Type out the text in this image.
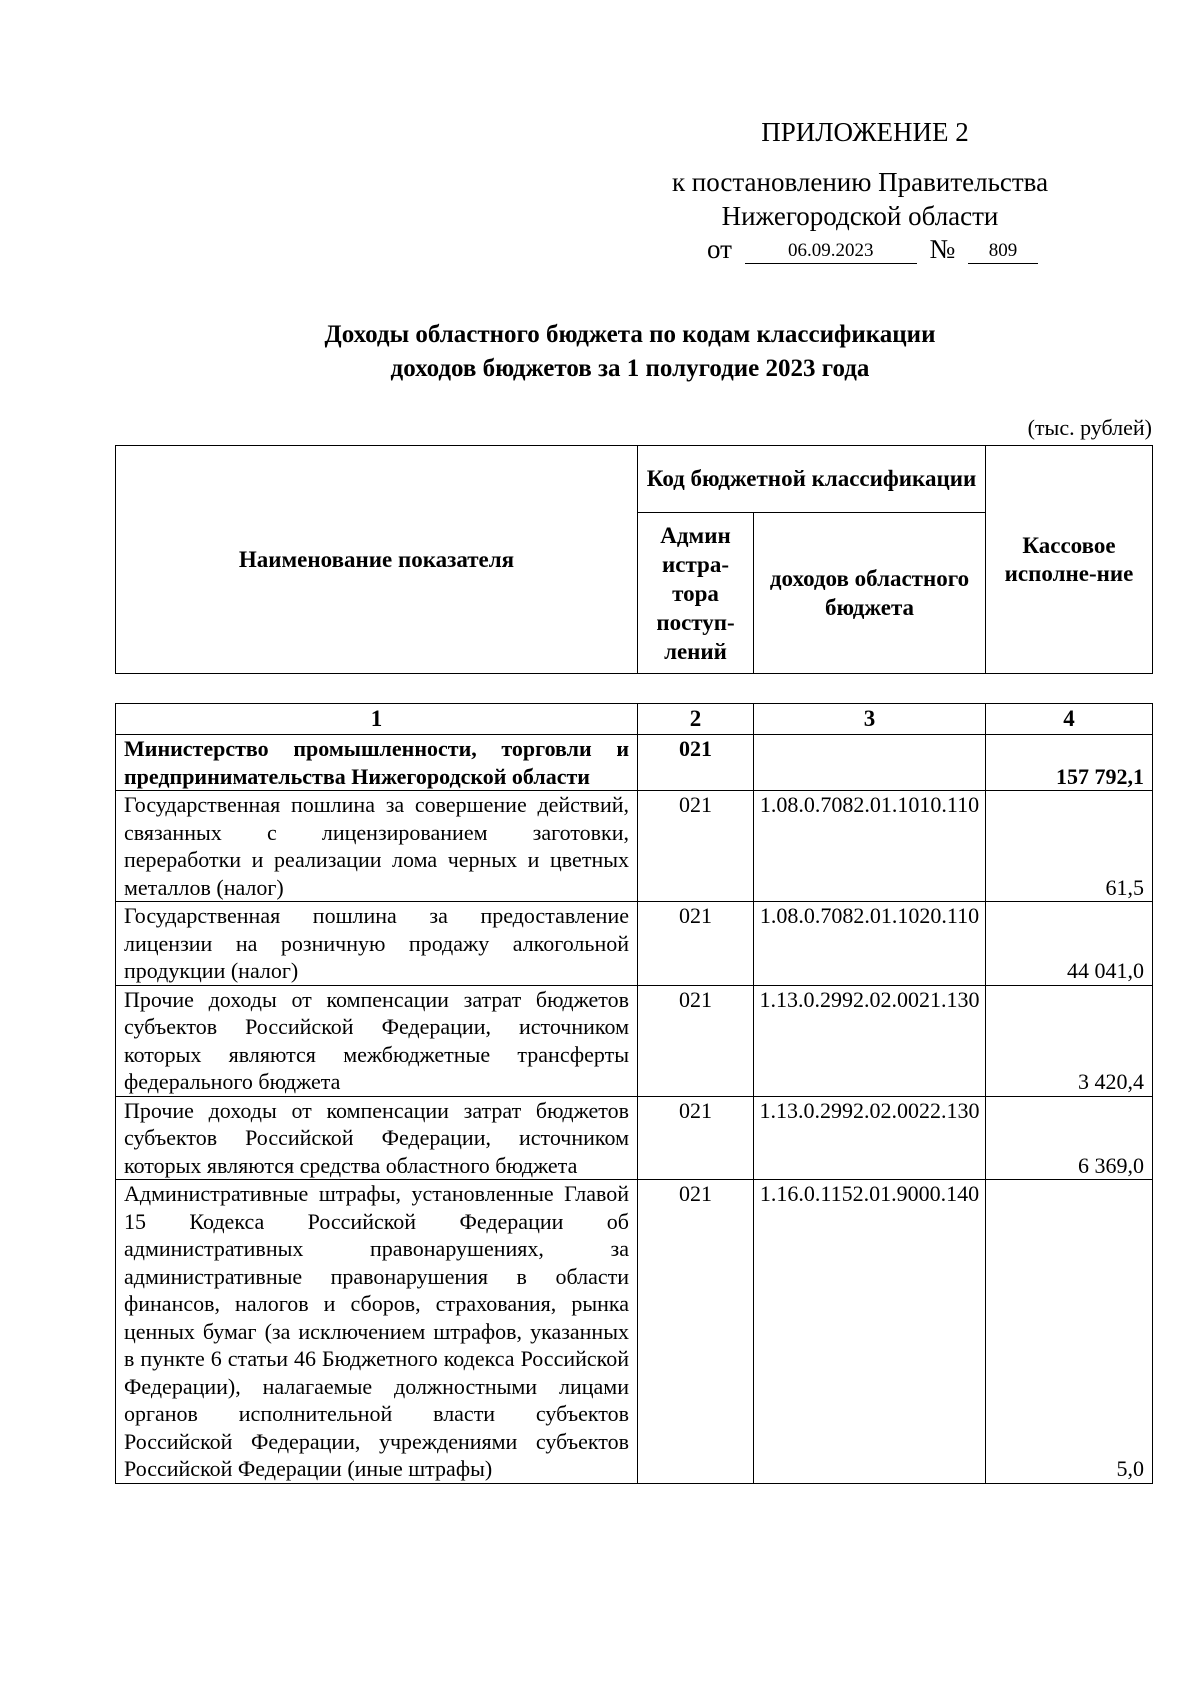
ПРИЛОЖЕНИЕ 2
к постановлению Правительства
Нижегородской области
от	06.09.2023 № 809
Доходы областного бюджета по кодам классификации
доходов бюджетов за 1 полугодие 2023 года
(тыс. рублей)
Наименование показателя	Код бюджетной классификации		Кассовое исполне-ние
	Админ истра-тора поступ-лений	доходов областного бюджета	
1	2	3	4
Министерство промышленности, торговли и предпринимательства Нижегородской области	021		157 792,1
Государственная пошлина за совершение действий, связанных с лицензированием заготовки, переработки и реализации лома черных и цветных металлов (налог)	021	1.08.0.7082.01.1010.110	61,5
Государственная пошлина за предоставление лицензии на розничную продажу алкогольной продукции (налог)	021	1.08.0.7082.01.1020.110	44 041,0
Прочие доходы от компенсации затрат бюджетов субъектов Российской Федерации, источником которых являются межбюджетные трансферты федерального бюджета	021	1.13.0.2992.02.0021.130	3 420,4
Прочие доходы от компенсации затрат бюджетов субъектов Российской Федерации, источником которых являются средства областного бюджета	021	1.13.0.2992.02.0022.130	6 369,0
Административные штрафы, установленные Главой 15 Кодекса Российской Федерации об административных правонарушениях, за административные правонарушения в области финансов, налогов и сборов, страхования, рынка ценных бумаг (за исключением штрафов, указанных в пункте 6 статьи 46 Бюджетного кодекса Российской Федерации), налагаемые должностными лицами органов исполнительной власти субъектов Российской Федерации, учреждениями субъектов Российской Федерации (иные штрафы)	021	1.16.0.1152.01.9000.140	5,0
